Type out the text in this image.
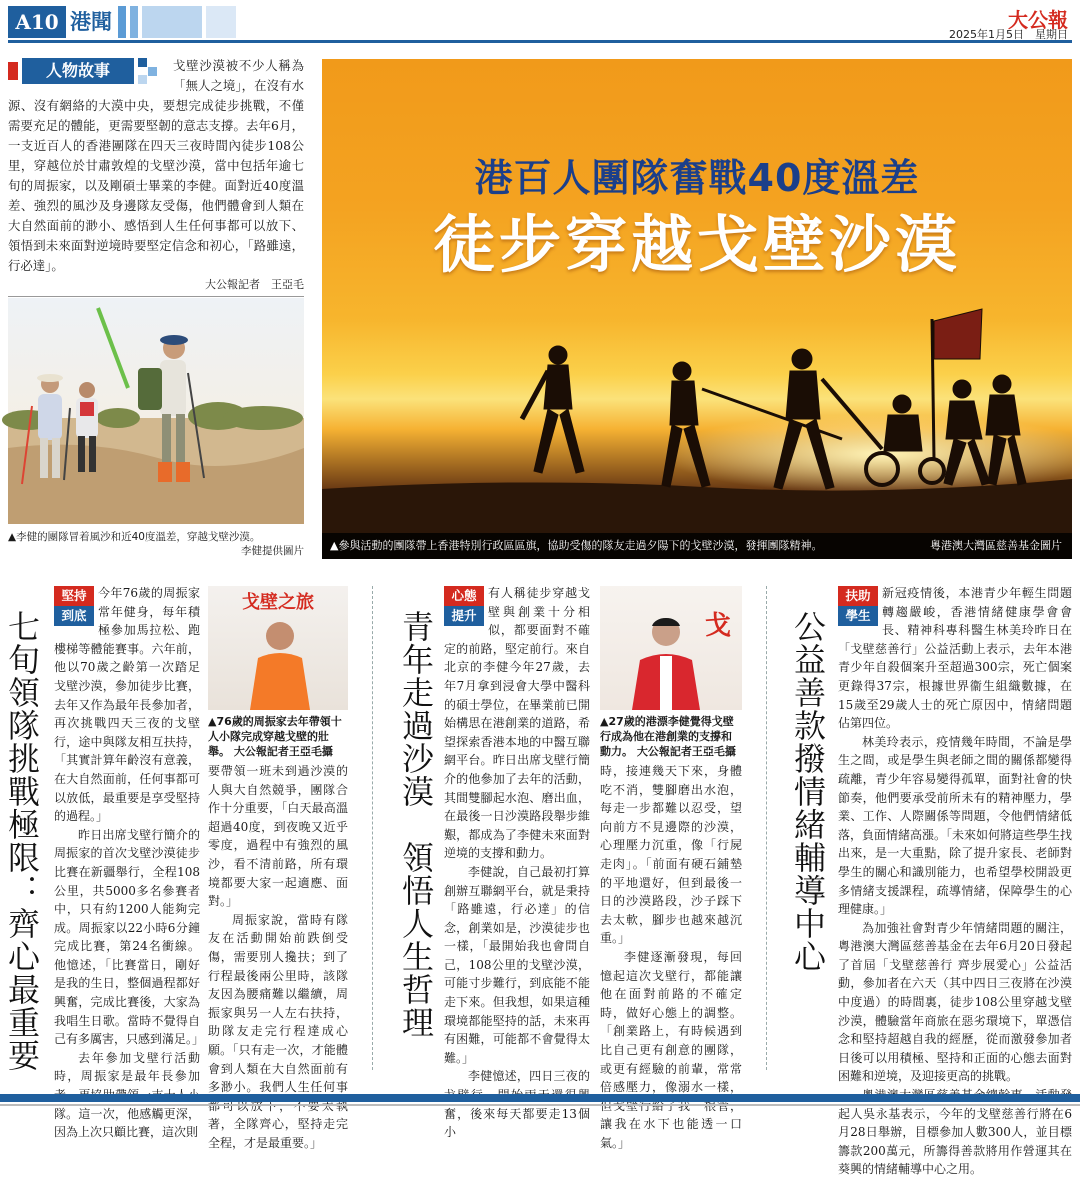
A10 港聞	大公報
2025年1月5日　星期日
戈壁沙漠被不少人稱為「無人之境」，在沒有水源、沒有網絡的大漠中央，要想完成徒步挑戰，不僅需要充足的體能，更需要堅韌的意志支撐。去年6月，一支近百人的香港團隊在四天三夜時間內徒步108公里，穿越位於甘肅敦煌的戈壁沙漠，當中包括年逾七旬的周振家，以及剛碩士畢業的李健。面對近40度溫差、強烈的風沙及身邊隊友受傷，他們體會到人類在大自然面前的渺小、感悟到人生任何事都可以放下、領悟到未來面對逆境時要堅定信念和初心，「路雖遠，行必達」。
人物故事
大公報記者　王亞毛
▲李健的團隊冒着風沙和近40度溫差，穿越戈壁沙漠。
李健提供圖片
港百人團隊奮戰40度溫差
徒步穿越戈壁沙漠
▲參與活動的團隊帶上香港特別行政區區旗，協助受傷的隊友走過夕陽下的戈壁沙漠，發揮團隊精神。	粵港澳大灣區慈善基金圖片
七旬領隊挑戰極限：齊心最重要
堅持
到底

今年76歲的周振家常年健身，每年積極參加馬拉松、跑樓梯等體能賽事。六年前，他以70歲之齡第一次踏足戈壁沙漠，參加徒步比賽，去年又作為最年長參加者，再次挑戰四天三夜的戈壁行，途中與隊友相互扶持，「其實計算年齡沒有意義，在大自然面前，任何事都可以放低，最重要是享受堅持的過程。」

昨日出席戈壁行簡介的周振家的首次戈壁沙漠徒步比賽在新疆舉行，全程108公里，共5000多名參賽者中，只有約1200人能夠完成。周振家以22小時6分鐘完成比賽，第24名衝線。他憶述，「比賽當日，剛好是我的生日，整個過程都好興奮，完成比賽後，大家為我唱生日歌。當時不覺得自己有多厲害，只感到滿足。」

去年參加戈壁行活動時，周振家是最年長參加 隊。這一次，他感觸更深，因為上次只顧比賽，這次則

戈壁之旅
▲76歲的周振家去年帶領十人小隊完成穿越戈壁的壯舉。 大公報記者王亞毛攝

要帶領一班未到過沙漠的人與大自然競爭，團隊合作十分重要，「白天最高溫超過40度，到夜晚又近乎零度，過程中有強烈的風沙，看不清前路，所有環境都要大家一起適應、面對。」

周振家說，當時有隊友在活動開始前跌倒受傷，需要別人攙扶；到了行程最後兩公里時，該隊友因為腰痛難以繼續，周振家與另一人左右扶持，助隊友走完行程達成心願。「只有走一次，才能體會到人類在大自然面前有多渺小。我們人生任何事 著，全隊齊心，堅持走完全程，才是最重要。」

青年走過沙漠　領悟人生哲理
心態
提升

有人稱徒步穿越戈壁與創業十分相似，都要面對不確定的前路，堅定前行。來自北京的李健今年27歲，去年7月拿到浸會大學中醫科的碩士學位，在畢業前已開始構思在港創業的道路，希望探索香港本地的中醫互聯網平台。昨日出席戈壁行簡介的他參加了去年的活動，其間雙腳起水泡、磨出血，在最後一日沙漠路段舉步維艱，都成為了李健未來面對逆境的支撐和動力。

李健說，自己最初打算創辦互聯網平台，就是秉持「路雖遠，行必達」的信念，創業如是，沙漠徒步也一樣，「最開始我也會問自己，108公里的戈壁沙漠，可能寸步難行，到底能不能走下來。但我想，如果這種環境都能堅持的話，未來再有困難，可能都不會覺得太難。」

李健憶述，四日三夜的 奮，後來每天都要走13個小

戈
▲27歲的港漂李健覺得戈壁行成為他在港創業的支撐和動力。 大公報記者王亞毛攝

時，接連幾天下來，身體吃不消，雙腳磨出水泡，每走一步都難以忍受，望向前方不見邊際的沙漠，心理壓力沉重，像「行屍走肉」。「前面有硬石鋪墊的平地還好，但到最後一日的沙漠路段，沙子踩下去太軟，腳步也越來越沉重。」

李健逐漸發現，每回憶起這次戈壁行，都能讓他在面對前路的不確定時，做好心態上的調整。「創業路上，有時候遇到比自己更有創意的團隊，或更有經驗的前輩，常常倍感壓力，像溺水一樣， 讓我在水下也能透一口氣。」

公益善款撥情緒輔導中心
扶助
學生

新冠疫情後，本港青少年輕生問題轉趨嚴峻，香港情緒健康學會會長、精神科專科醫生林美玲昨日在「戈壁慈善行」公益活動上表示，去年本港青少年自殺個案升至超過300宗，死亡個案更錄得37宗，根據世界衞生組織數據，在15歲至29歲人士的死亡原因中，情緒問題佔第四位。

林美玲表示，疫情幾年時間，不論是學生之間，或是學生與老師之間的關係都變得疏離，青少年容易變得孤單，面對社會的快節奏，他們要承受前所未有的精神壓力，學業、工作、人際關係等問題，令他們情緒低落，負面情緒高漲。「未來如何將這些學生找出來，是一大重點，除了提升家長、老師對學生的關心和識別能力，也希望學校開設更多情緒支援課程，疏導情緒，保障學生的心理健康。」

為加強社會對青少年情緒問題的關注，粵港澳大灣區慈善基金在去年6月20日發起了首屆「戈壁慈善行 齊步展愛心」公益活動，參加者在六天（其中四日三夜將在沙漠中度過）的時間裏，徒步108公里穿越戈壁沙漠，體驗當年商旅在惡劣環境下，單憑信念和堅持超越自我的經歷，從而激發參加者日後可以用積極、堅持和正面的心態去面對困難和逆境，及迎接更高的挑戰。

起人吳永基表示，今年的戈壁慈善行將在6月28日舉辦，目標參加人數300人，並目標籌款200萬元，所籌得善款將用作營運其在葵興的情緒輔導中心之用。
